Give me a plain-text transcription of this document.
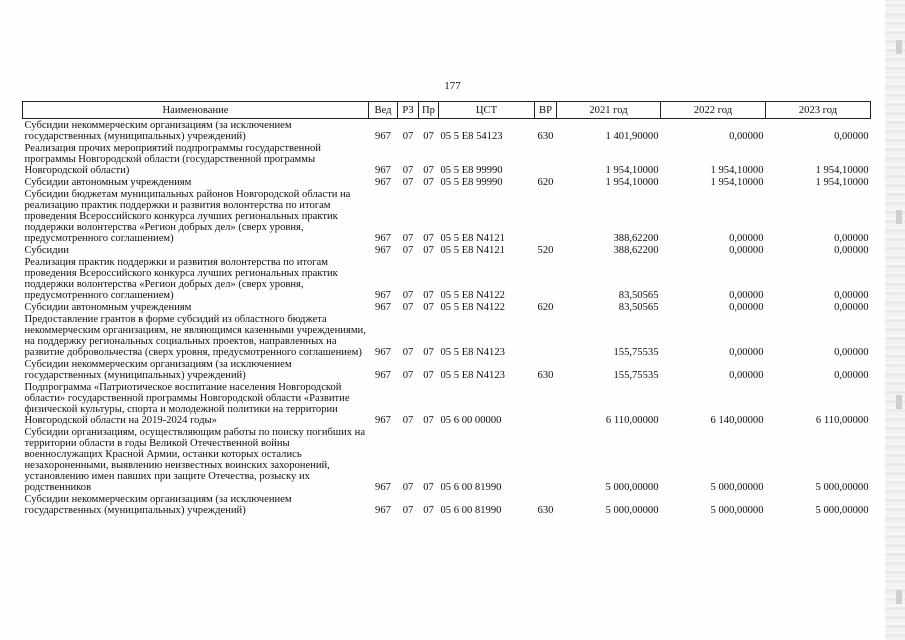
177
Наименование	Вед	РЗ	Пр	ЦСТ	ВР	2021 год	2022 год	2023 год
Субсидии некоммерческим организациям (за исключением государственных (муниципальных) учреждений)	967	07	07	05 5 Е8 54123	630	1 401,90000	0,00000	0,00000
Реализация прочих мероприятий подпрограммы государственной программы Новгородской области (государственной программы Новгородской области)	967	07	07	05 5 Е8 99990		1 954,10000	1 954,10000	1 954,10000
Субсидии автономным учреждениям	967	07	07	05 5 Е8 99990	620	1 954,10000	1 954,10000	1 954,10000
Субсидии бюджетам муниципальных районов Новгородской области на реализацию практик поддержки и развития волонтерства по итогам проведения Всероссийского конкурса лучших региональных практик поддержки волонтерства «Регион добрых дел» (сверх уровня, предусмотренного соглашением)	967	07	07	05 5 Е8 N4121		388,62200	0,00000	0,00000
Субсидии	967	07	07	05 5 Е8 N4121	520	388,62200	0,00000	0,00000
Реализация практик поддержки и развития волонтерства по итогам проведения Всероссийского конкурса лучших региональных практик поддержки волонтерства «Регион добрых дел» (сверх уровня, предусмотренного соглашением)	967	07	07	05 5 Е8 N4122		83,50565	0,00000	0,00000
Субсидии автономным учреждениям	967	07	07	05 5 Е8 N4122	620	83,50565	0,00000	0,00000
Предоставление грантов в форме субсидий из областного бюджета некоммерческим организациям, не являющимся казенными учреждениями, на поддержку региональных социальных проектов, направленных на развитие добровольчества (сверх уровня, предусмотренного соглашением)	967	07	07	05 5 Е8 N4123		155,75535	0,00000	0,00000
Субсидии некоммерческим организациям (за исключением государственных (муниципальных) учреждений)	967	07	07	05 5 Е8 N4123	630	155,75535	0,00000	0,00000
Подпрограмма «Патриотическое воспитание населения Новгородской области» государственной программы Новгородской области «Развитие физической культуры, спорта и молодежной политики на территории Новгородской области на 2019-2024 годы»	967	07	07	05 6 00 00000		6 110,00000	6 140,00000	6 110,00000
Субсидии организациям, осуществляющим работы по поиску погибших на территории области в годы Великой Отечественной войны военнослужащих Красной Армии, останки которых остались незахороненными, выявлению неизвестных воинских захоронений, установлению имен павших при защите Отечества, розыску их родственников	967	07	07	05 6 00 81990		5 000,00000	5 000,00000	5 000,00000
Субсидии некоммерческим организациям (за исключением государственных (муниципальных) учреждений)	967	07	07	05 6 00 81990	630	5 000,00000	5 000,00000	5 000,00000
